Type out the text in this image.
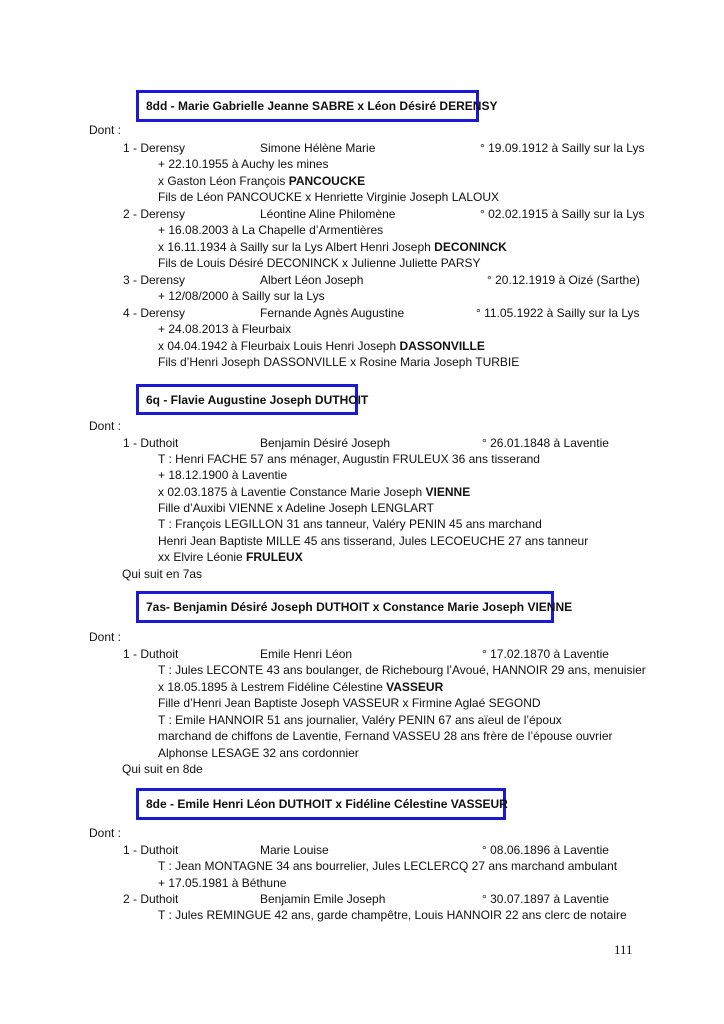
8dd - Marie Gabrielle Jeanne SABRE x Léon Désiré DERENSY
Dont :
1 - Derensy	Simone Hélène Marie	° 19.09.1912 à Sailly sur la Lys
+ 22.10.1955 à Auchy les mines
x Gaston Léon François PANCOUCKE
Fils de Léon PANCOUCKE x Henriette Virginie Joseph LALOUX
2 - Derensy	Léontine Aline Philomène	° 02.02.1915 à Sailly sur la Lys
+ 16.08.2003 à La Chapelle d’Armentières
x 16.11.1934 à Sailly sur la Lys Albert Henri Joseph DECONINCK
Fils de Louis Désiré DECONINCK x Julienne Juliette PARSY
3 - Derensy	Albert Léon Joseph	° 20.12.1919 à Oizé (Sarthe)
+ 12/08/2000 à Sailly sur la Lys
4 - Derensy	Fernande Agnès Augustine	° 11.05.1922 à Sailly sur la Lys
+ 24.08.2013 à Fleurbaix
x 04.04.1942 à Fleurbaix Louis Henri Joseph DASSONVILLE
Fils d’Henri Joseph DASSONVILLE x Rosine Maria Joseph TURBIE
6q - Flavie Augustine Joseph DUTHOIT
Dont :
1 - Duthoit	Benjamin Désiré Joseph	° 26.01.1848 à Laventie
T : Henri FACHE 57 ans ménager, Augustin FRULEUX 36 ans tisserand
+ 18.12.1900 à Laventie
x 02.03.1875 à Laventie Constance Marie Joseph VIENNE
Fille d’Auxibi VIENNE x Adeline Joseph LENGLART
T : François LEGILLON 31 ans tanneur, Valéry PENIN 45 ans marchand
Henri Jean Baptiste MILLE 45 ans tisserand, Jules LECOEUCHE 27 ans tanneur
xx Elvire Léonie FRULEUX
Qui suit en 7as
7as- Benjamin Désiré Joseph DUTHOIT x Constance Marie Joseph VIENNE
Dont :
1 - Duthoit	Emile Henri Léon	° 17.02.1870 à Laventie
T : Jules LECONTE 43 ans boulanger, de Richebourg l’Avoué, HANNOIR 29 ans, menuisier
x 18.05.1895 à Lestrem Fidéline Célestine VASSEUR
Fille d’Henri Jean Baptiste Joseph VASSEUR x Firmine Aglaé SEGOND
T : Emile HANNOIR 51 ans journalier, Valéry PENIN 67 ans aïeul de l’époux
marchand de chiffons de Laventie, Fernand VASSEU 28 ans frère de l’épouse ouvrier
Alphonse LESAGE 32 ans cordonnier
Qui suit en 8de
8de - Emile Henri Léon DUTHOIT x Fidéline Célestine VASSEUR
Dont :
1 - Duthoit	Marie Louise	° 08.06.1896 à Laventie
T : Jean MONTAGNE 34 ans bourrelier, Jules LECLERCQ 27 ans marchand ambulant
+ 17.05.1981 à Béthune
2 - Duthoit	Benjamin Emile Joseph	° 30.07.1897 à Laventie
T : Jules REMINGUE 42 ans, garde champêtre, Louis HANNOIR 22 ans clerc de notaire
111
